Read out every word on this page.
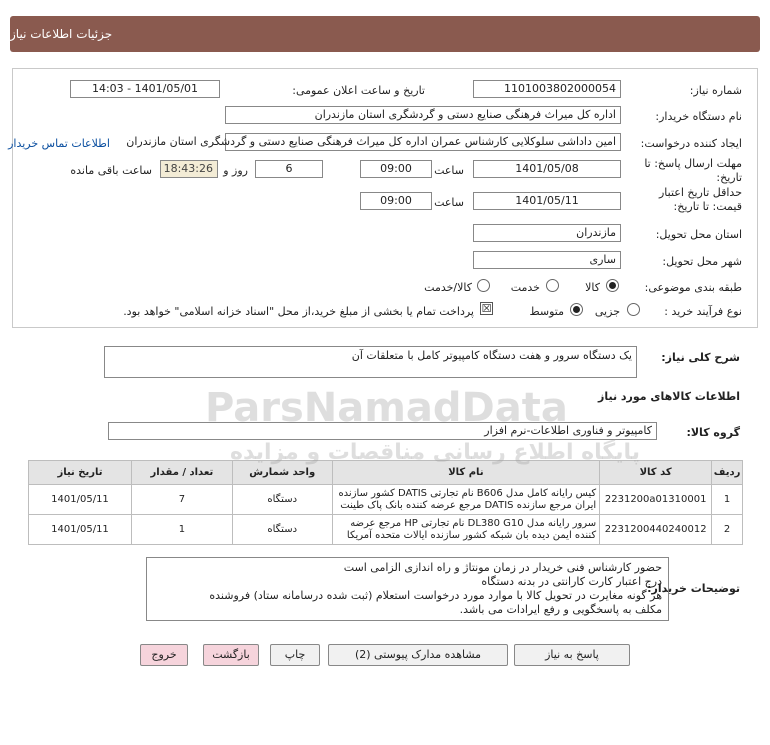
جزئیات اطلاعات نیاز
شماره نیاز:
1101003802000054
تاریخ و ساعت اعلان عمومی:
1401/05/01 - 14:03
نام دستگاه خریدار:
اداره کل میراث فرهنگی صنایع دستی و گردشگری استان مازندران
ایجاد کننده درخواست:
امین داداشی سلوکلایی کارشناس عمران اداره کل میراث فرهنگی صنایع دستی و گردشگری استان مازندران
اطلاعات تماس خریدار
مهلت ارسال پاسخ: تا
تاریخ:
1401/05/08
ساعت
09:00
6
روز و
18:43:26
ساعت باقی مانده
حداقل تاریخ اعتبار
قیمت: تا تاریخ:
1401/05/11
ساعت
09:00
استان محل تحویل:
مازندران
شهر محل تحویل:
ساری
طبقه بندی موضوعی:
کالا
خدمت
کالا/خدمت
نوع فرآیند خرید :
جزیی
متوسط
☒
پرداخت تمام یا بخشی از مبلغ خرید،از محل "اسناد خزانه اسلامی" خواهد بود.
شرح کلی نیاز:
یک دستگاه سرور و هفت دستگاه کامپیوتر کامل با متعلقات آن
اطلاعات کالاهای مورد نیاز
گروه کالا:
کامپیوتر و فناوری اطلاعات-نرم افزار
ردیف	کد کالا	نام کالا	واحد شمارش	تعداد / مقدار	تاریخ نیاز
1	2231200a01310001	کیس رایانه کامل مدل B606 نام تجارتی DATIS کشور سازنده ایران مرجع سازنده DATIS مرجع عرضه کننده بانک پاک طینت	دستگاه	7	1401/05/11
2	2231200440240012	سرور رایانه مدل DL380 G10 نام تجارتی HP مرجع عرضه کننده ایمن دیده بان شبکه کشور سازنده ایالات متحده آمریکا	دستگاه	1	1401/05/11
توضیحات خریدار:
حضور کارشناس فنی خریدار در زمان مونتاژ و راه اندازی الزامی است
درج اعتبار کارت کارانتی در بدنه دستگاه
هر گونه مغایرت در تحویل کالا با موارد مورد درخواست استعلام (ثبت شده درسامانه ستاد) فروشنده
مکلف به پاسخگویی و رفع ایرادات می باشد.
پاسخ به نیاز
مشاهده مدارک پیوستی (2)
چاپ
بازگشت
خروج
ParsNamadData
پایگاه اطلاع رسانی مناقصات و مزایده
